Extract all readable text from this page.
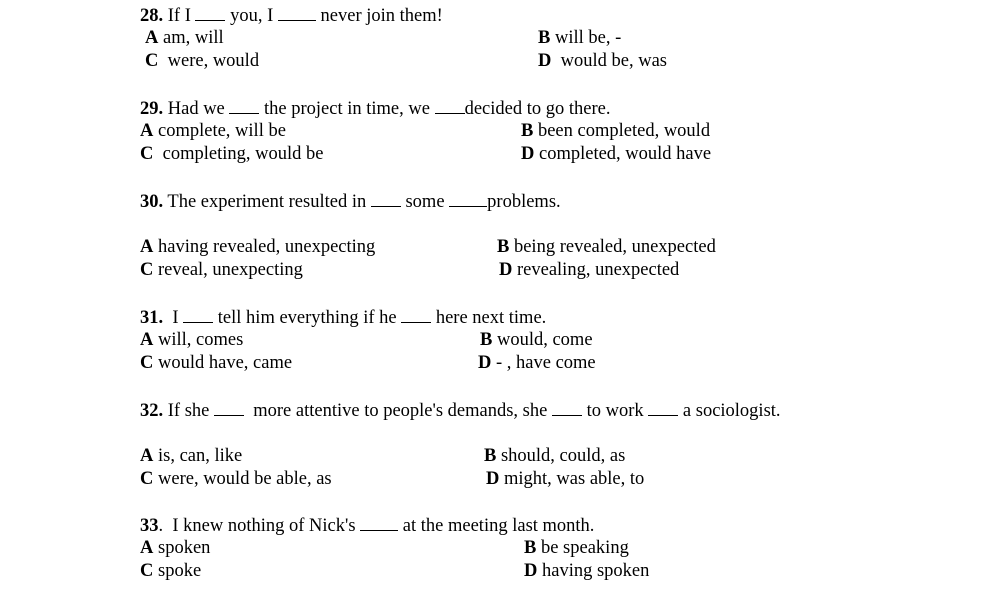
28. If I you, I	never join them!
A am, will	B will be, -
C were, would	D would be, was
29. Had we the project in time, we decided to go there.
A complete, will be	B been completed, would
C completing, would be	D completed, would have
30. The experiment resulted in some problems.
A having revealed, unexpecting	B being revealed, unexpected
C reveal, unexpecting	D revealing, unexpected
31. I tell him everything if he here next time.
A will, comes	B would, come
C would have, came	D - , have come
32. If she more attentive to people's demands, she to work a sociologist.
A is, can, like	B should, could, as
C were, would be able, as	D might, was able, to
33. I knew nothing of Nick's	at the meeting last month.
A spoken	B be speaking
C spoke	D having spoken
